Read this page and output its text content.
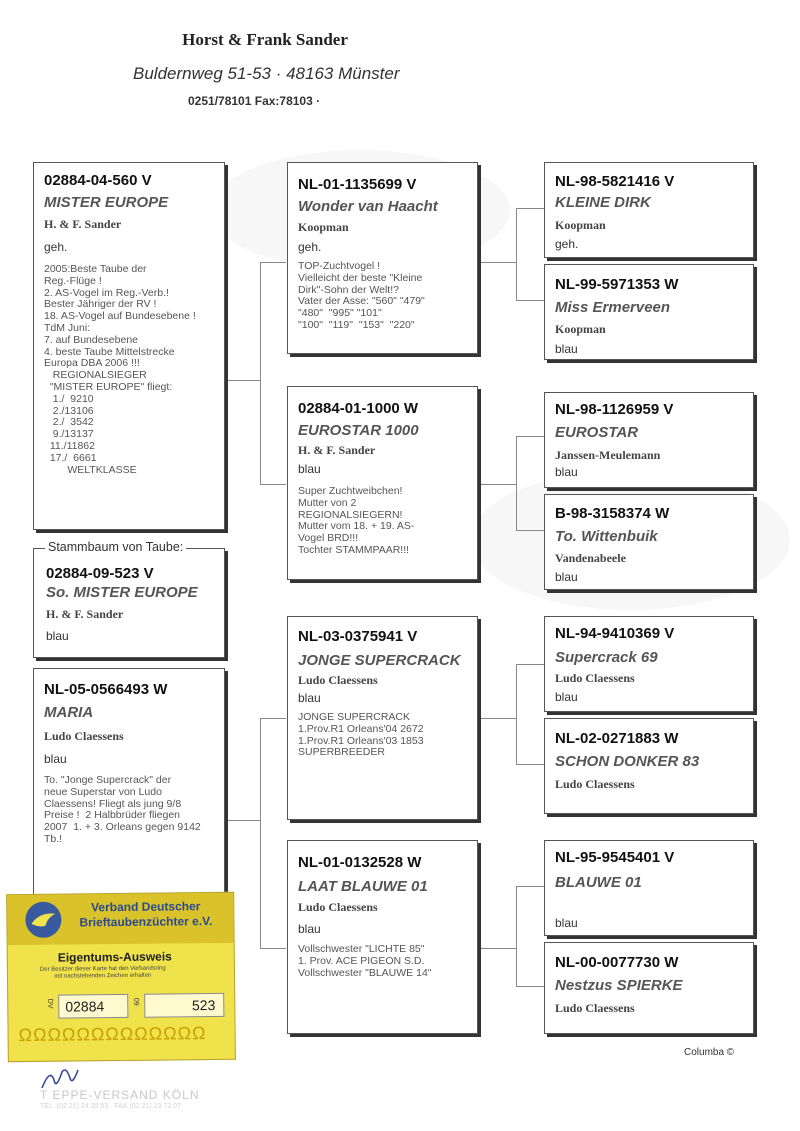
Horst & Frank Sander
Buldernweg 51-53 · 48163 Münster
0251/78101 Fax:78103 ·
02884-04-560 V
MISTER EUROPE
H. & F. Sander
geh.
2005:Beste Taube der
Reg.-Flüge !
2. AS-Vogel im Reg.-Verb.!
Bester Jähriger der RV !
18. AS-Vogel auf Bundesebene !
TdM Juni:
7. auf Bundesebene
4. beste Taube Mittelstrecke
Europa DBA 2006 !!!
REGIONALSIEGER
"MISTER EUROPE" fliegt:
1./  9210
2./13106
2./  3542
9./13137
11./11862
17./  6661
WELTKLASSE
02884-09-523 V
So. MISTER EUROPE
H. & F. Sander
blau
Stammbaum von Taube:
NL-05-0566493 W
MARIA
Ludo Claessens
blau
To. "Jonge Supercrack" der
neue Superstar von Ludo
Claessens! Fliegt als jung 9/8
Preise !  2 Halbbrüder fliegen
2007  1. + 3. Orleans gegen 9142
Tb.!
NL-01-1135699 V
Wonder van Haacht
Koopman
geh.
TOP-Zuchtvogel !
Vielleicht der beste "Kleine
Dirk"-Sohn der Welt!?
Vater der Asse: "560" "479"
"480"  "995" "101"
"100"  "119"  "153"  "220"
02884-01-1000 W
EUROSTAR 1000
H. & F. Sander
blau
Super Zuchtweibchen!
Mutter von 2
REGIONALSIEGERN!
Mutter vom 18. + 19. AS-
Vogel BRD!!!
Tochter STAMMPAAR!!!
NL-03-0375941 V
JONGE SUPERCRACK
Ludo Claessens
blau
JONGE SUPERCRACK
1.Prov.R1 Orleans'04 2672
1.Prov.R1 Orleans'03 1853
SUPERBREEDER
NL-01-0132528 W
LAAT BLAUWE 01
Ludo Claessens
blau
Vollschwester "LICHTE 85"
1. Prov. ACE PIGEON S.D.
Vollschwester "BLAUWE 14"
NL-98-5821416 V
KLEINE DIRK
Koopman
geh.
NL-99-5971353 W
Miss Ermerveen
Koopman
blau
NL-98-1126959 V
EUROSTAR
Janssen-Meulemann
blau
B-98-3158374 W
To. Wittenbuik
Vandenabeele
blau
NL-94-9410369 V
Supercrack 69
Ludo Claessens
blau
NL-02-0271883 W
SCHON DONKER 83
Ludo Claessens
NL-95-9545401 V
BLAUWE 01
blau
NL-00-0077730 W
Nestzus SPIERKE
Ludo Claessens
Verband Deutscher
Brieftaubenzüchter e.V.
Eigentums-Ausweis
Der Besitzer dieser Karte hat den Verbandsring
mit nachstehenden Zeichen erhalten
DV 02884	09	523
ΩΩΩΩΩΩΩΩΩΩΩΩΩ
T EPPE-VERSAND KÖLN
TEL. (02 21) 24 35 53 · FAX (02 21) 23 72 07
Columba ©
